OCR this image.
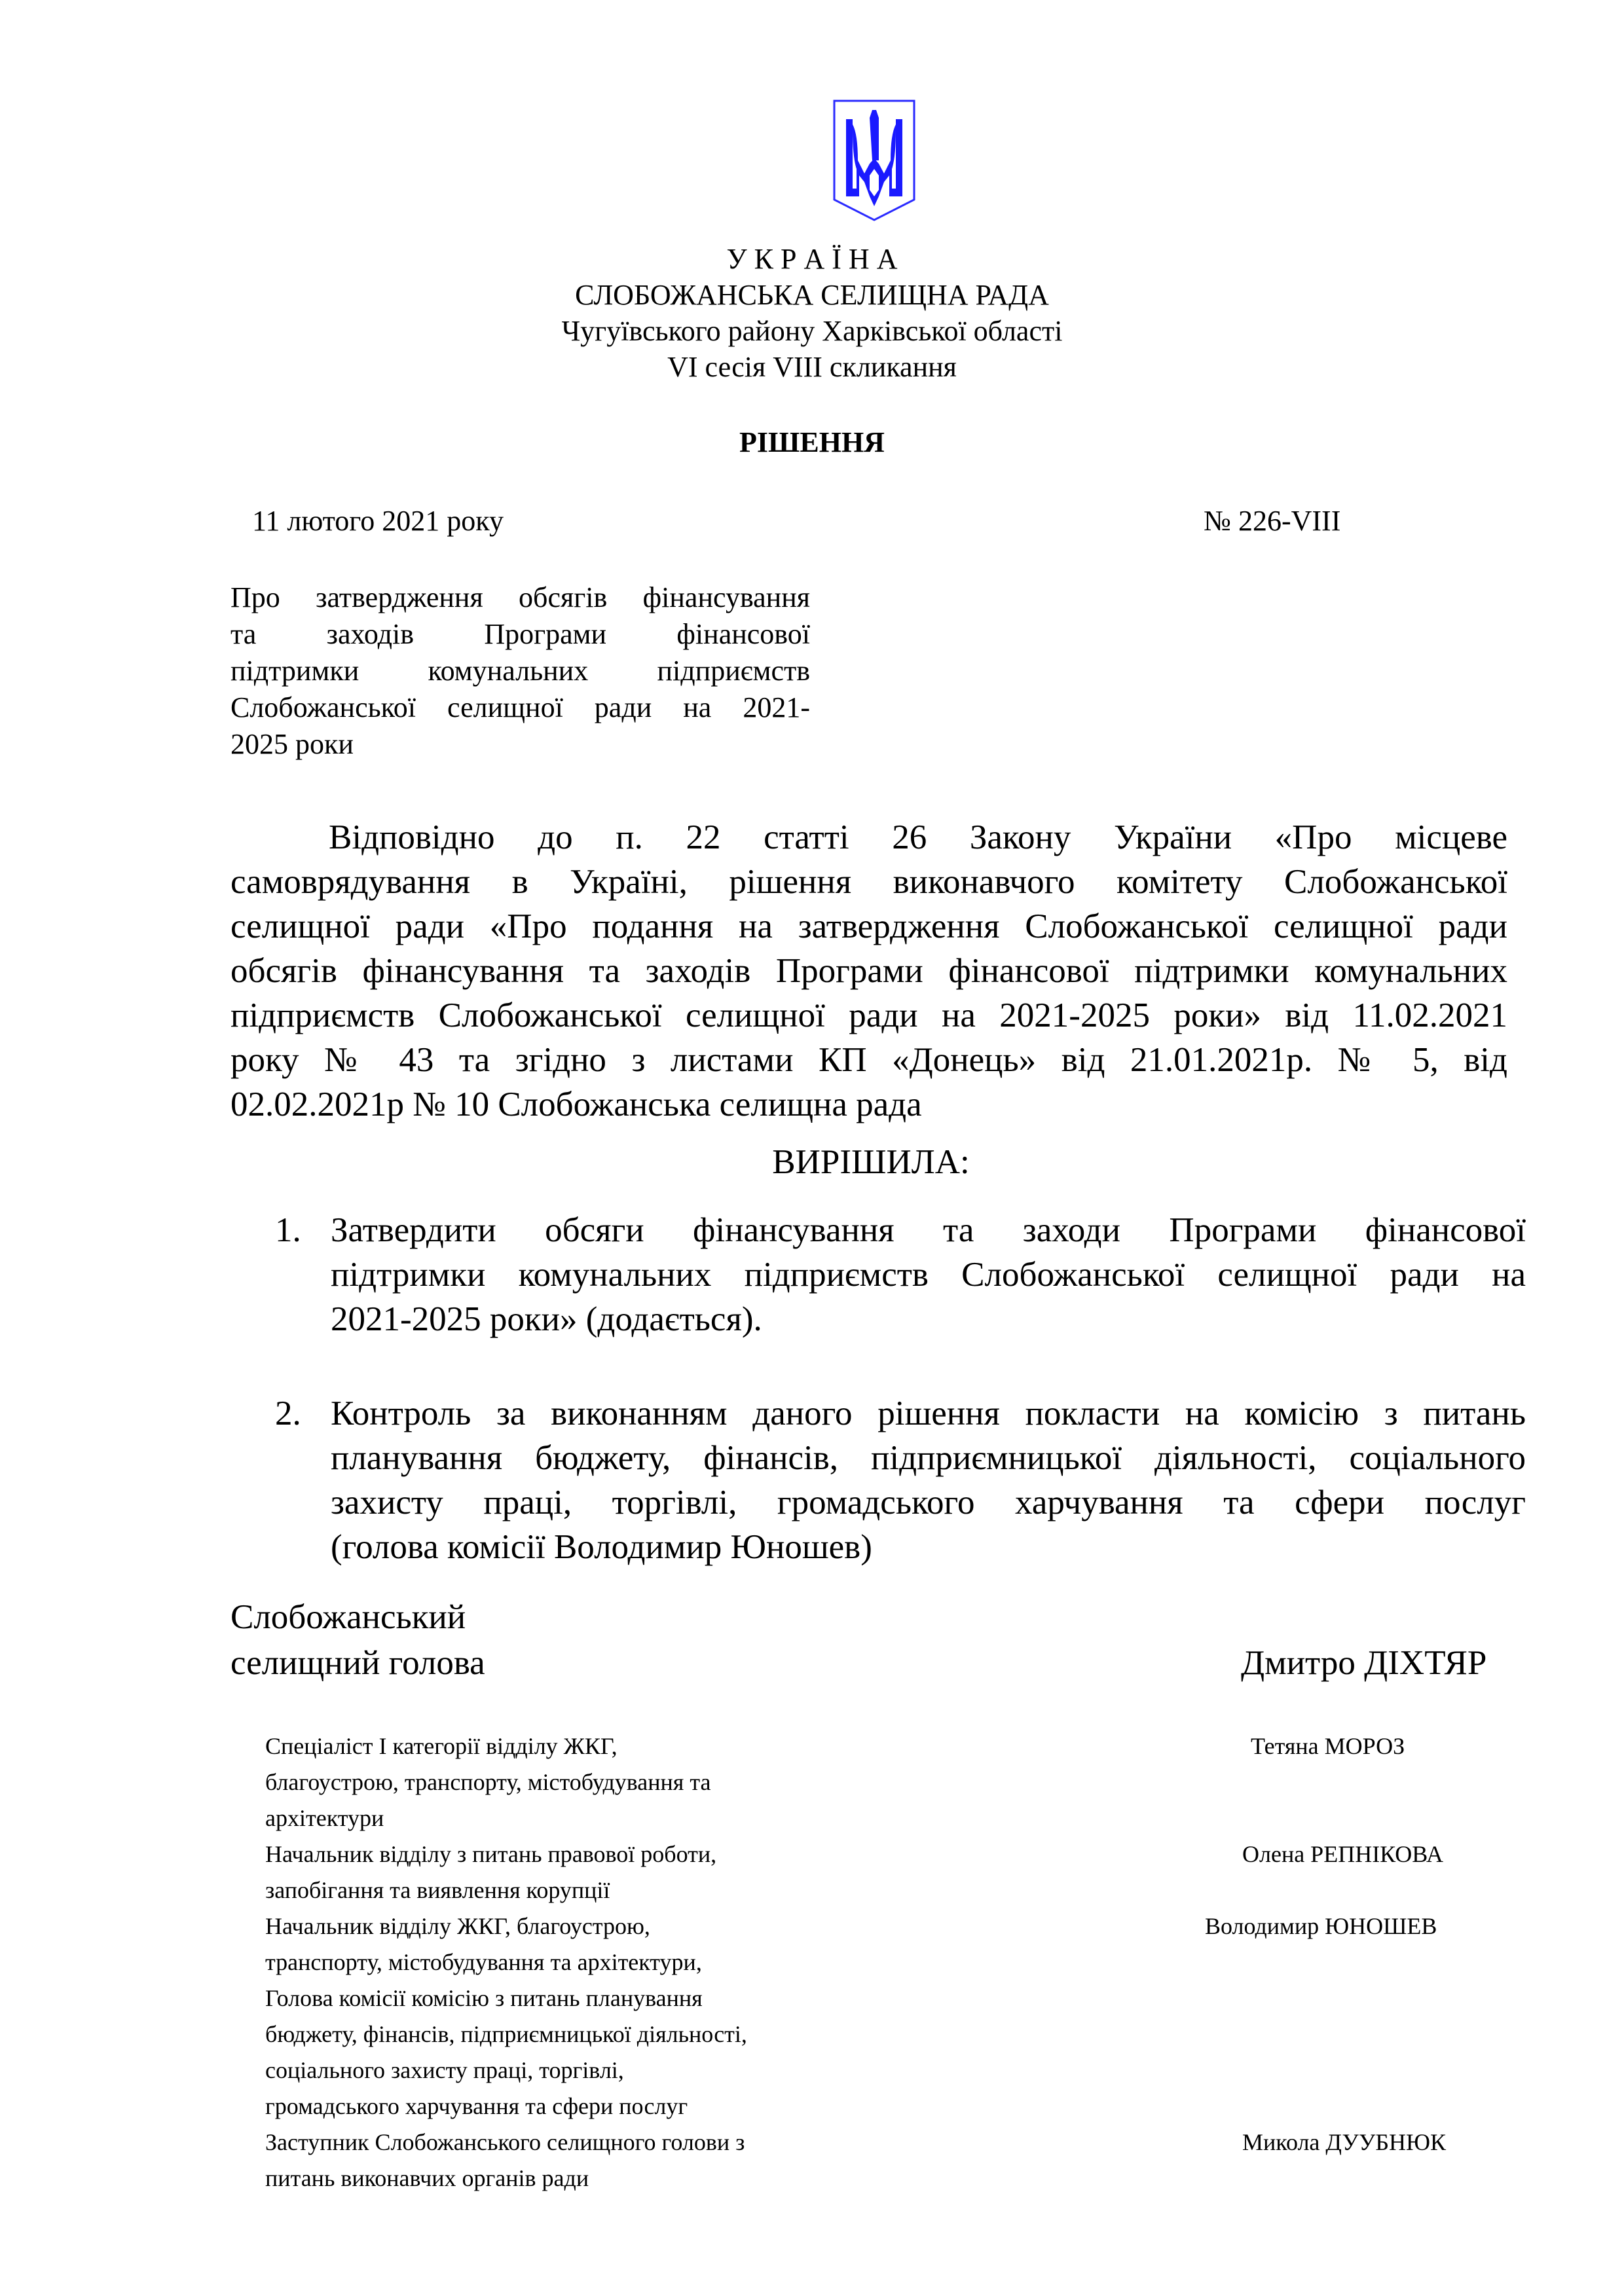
У К Р А Ї Н А
СЛОБОЖАНСЬКА СЕЛИЩНА РАДА
Чугуївського району Харківської області
VI сесія VIII скликання
РІШЕННЯ
11 лютого 2021 року	№ 226-VIII
Про затвердження обсягів фінансування
та заходів Програми фінансової
підтримки комунальних підприємств
Слобожанської селищної ради на 2021-
2025 роки
Відповідно до п. 22 статті 26 Закону України «Про місцеве
самоврядування в Україні, рішення виконавчого комітету Слобожанської
селищної ради «Про подання на затвердження Слобожанської селищної ради
обсягів фінансування та заходів Програми фінансової підтримки комунальних
підприємств Слобожанської селищної ради на 2021-2025 роки» від 11.02.2021
року № 43 та згідно з листами КП «Донець» від 21.01.2021р. № 5, від
02.02.2021р № 10 Слобожанська селищна рада
ВИРІШИЛА:
1. Затвердити обсяги фінансування та заходи Програми фінансової
підтримки комунальних підприємств Слобожанської селищної ради на
2021-2025 роки» (додається).
2. Контроль за виконанням даного рішення покласти на комісію з питань
планування бюджету, фінансів, підприємницької діяльності, соціального
захисту праці, торгівлі, громадського харчування та сфери послуг
(голова комісії Володимир Юношев)
Слобожанський
селищний голова	Дмитро ДІХТЯР
Спеціаліст І категорії відділу ЖКГ,
благоустрою, транспорту, містобудування та
архітектури
Тетяна МОРОЗ
Начальник відділу з питань правової роботи,
запобігання та виявлення корупції
Олена РЕПНІКОВА
Начальник відділу ЖКГ, благоустрою,
транспорту, містобудування та архітектури,
Голова комісії комісію з питань планування
бюджету, фінансів, підприємницької діяльності,
соціального захисту праці, торгівлі,
громадського харчування та сфери послуг
Володимир ЮНОШЕВ
Заступник Слобожанського селищного голови з
питань виконавчих органів ради
Микола ДУУБНЮК
